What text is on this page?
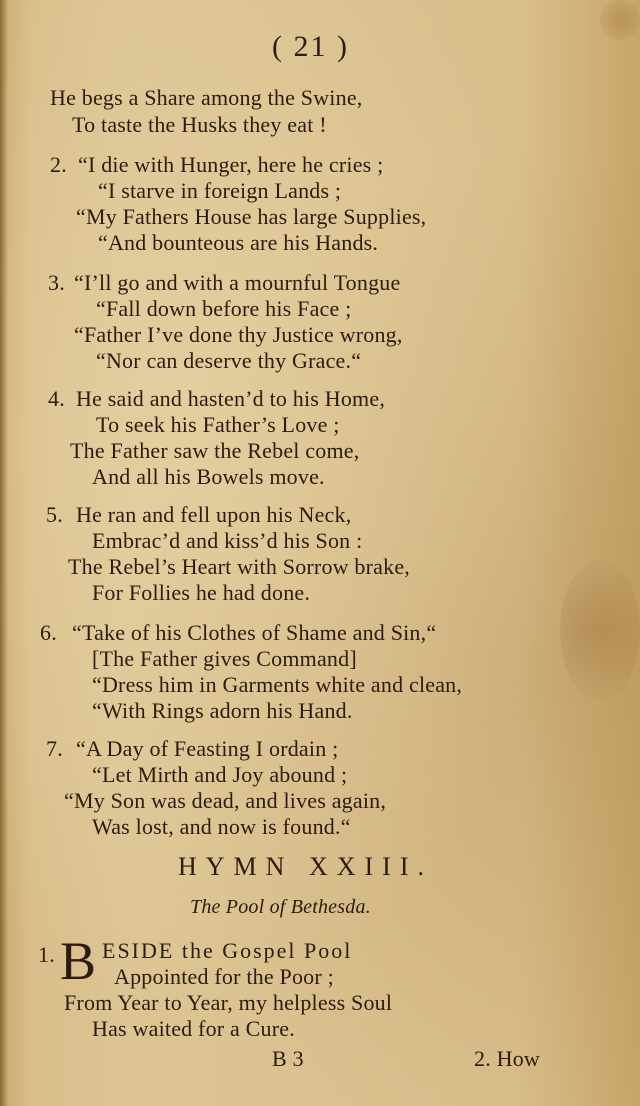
( 21 )
He begs a Share among the Swine,
To taste the Husks they eat !
2. “I die with Hunger, here he cries ;
“I starve in foreign Lands ;
“My Fathers House has large Supplies,
“And bounteous are his Hands.
3. “I’ll go and with a mournful Tongue
“Fall down before his Face ;
“Father I’ve done thy Justice wrong,
“Nor can deserve thy Grace.“
4. He said and hasten’d to his Home,
To seek his Father’s Love ;
The Father saw the Rebel come,
And all his Bowels move.
5. He ran and fell upon his Neck,
Embrac’d and kiss’d his Son :
The Rebel’s Heart with Sorrow brake,
For Follies he had done.
6. “Take of his Clothes of Shame and Sin,“
[The Father gives Command]
“Dress him in Garments white and clean,
“With Rings adorn his Hand.
7. “A Day of Feasting I ordain ;
“Let Mirth and Joy abound ;
“My Son was dead, and lives again,
Was lost, and now is found.“
HYMN XXIII.
The Pool of Bethesda.
1. B ESIDE the Gospel Pool
Appointed for the Poor ;
From Year to Year, my helpless Soul
Has waited for a Cure.
B 3	2. How
